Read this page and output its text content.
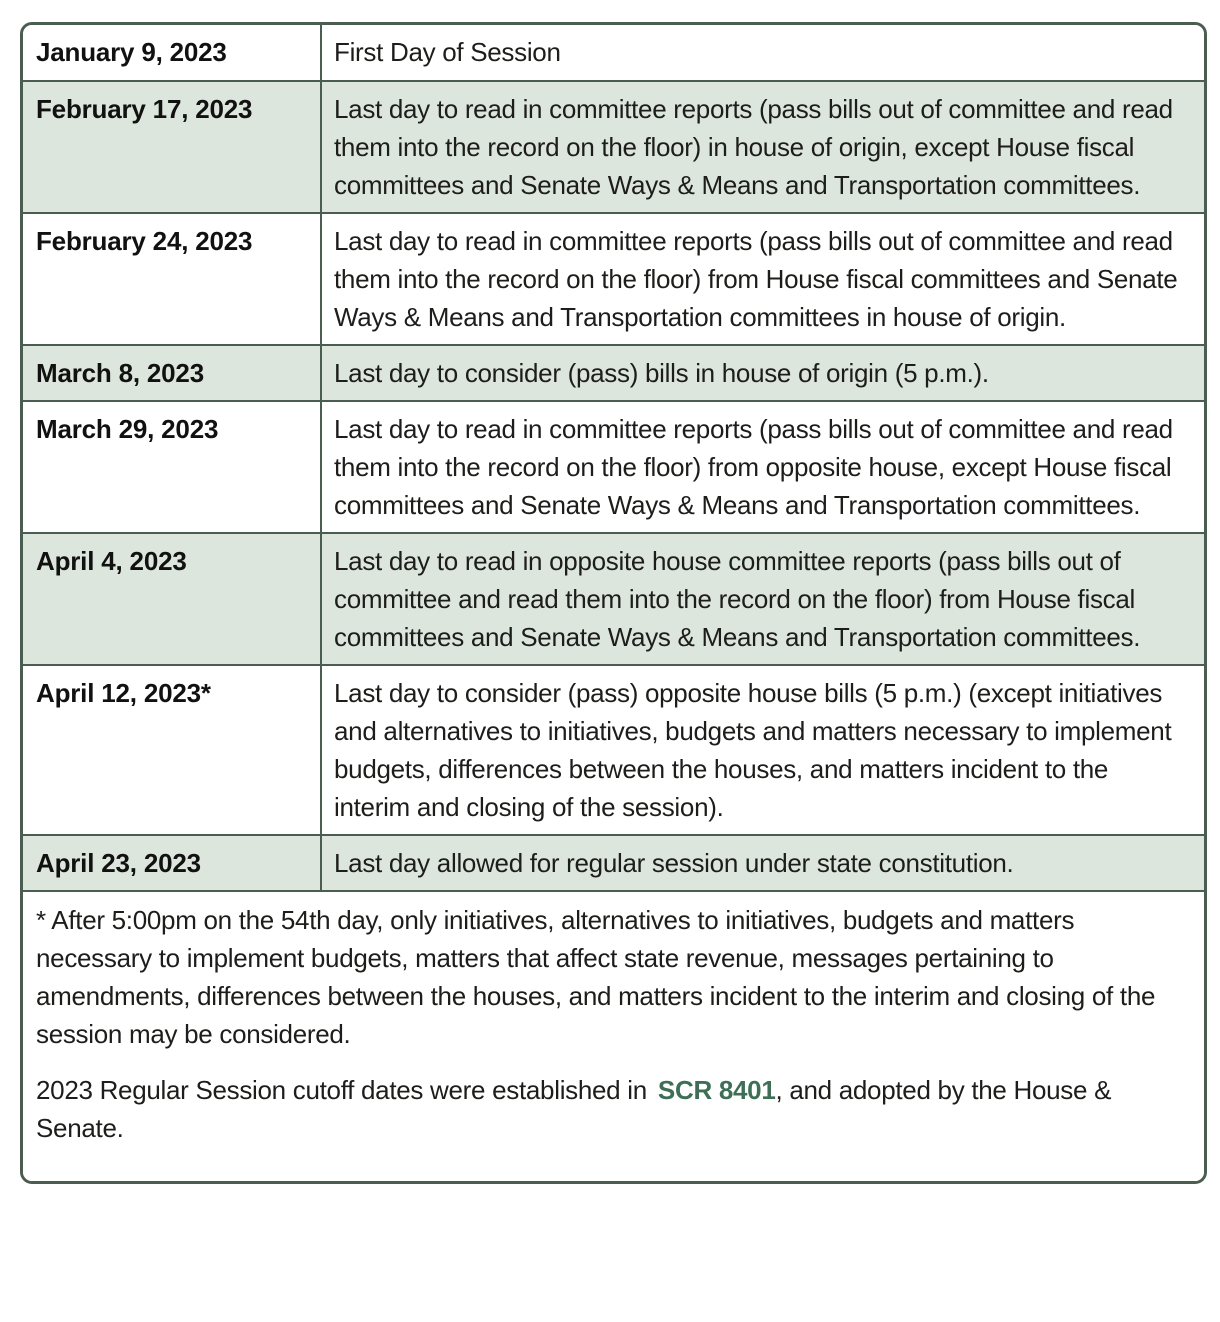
January 9, 2023	First Day of Session
February 17, 2023	Last day to read in committee reports (pass bills out of committee and read them into the record on the floor) in house of origin, except House fiscal committees and Senate Ways & Means and Transportation committees.
February 24, 2023	Last day to read in committee reports (pass bills out of committee and read them into the record on the floor) from House fiscal committees and Senate Ways & Means and Transportation committees in house of origin.
March 8, 2023	Last day to consider (pass) bills in house of origin (5 p.m.).
March 29, 2023	Last day to read in committee reports (pass bills out of committee and read them into the record on the floor) from opposite house, except House fiscal committees and Senate Ways & Means and Transportation committees.
April 4, 2023	Last day to read in opposite house committee reports (pass bills out of committee and read them into the record on the floor) from House fiscal committees and Senate Ways & Means and Transportation committees.
April 12, 2023*	Last day to consider (pass) opposite house bills (5 p.m.) (except initiatives and alternatives to initiatives, budgets and matters necessary to implement budgets, differences between the houses, and matters incident to the interim and closing of the session).
April 23, 2023	Last day allowed for regular session under state constitution.

* After 5:00pm on the 54th day, only initiatives, alternatives to initiatives, budgets and matters necessary to implement budgets, matters that affect state revenue, messages pertaining to amendments, differences between the houses, and matters incident to the interim and closing of the session may be considered.

2023 Regular Session cutoff dates were established in SCR 8401, and adopted by the House & Senate.
